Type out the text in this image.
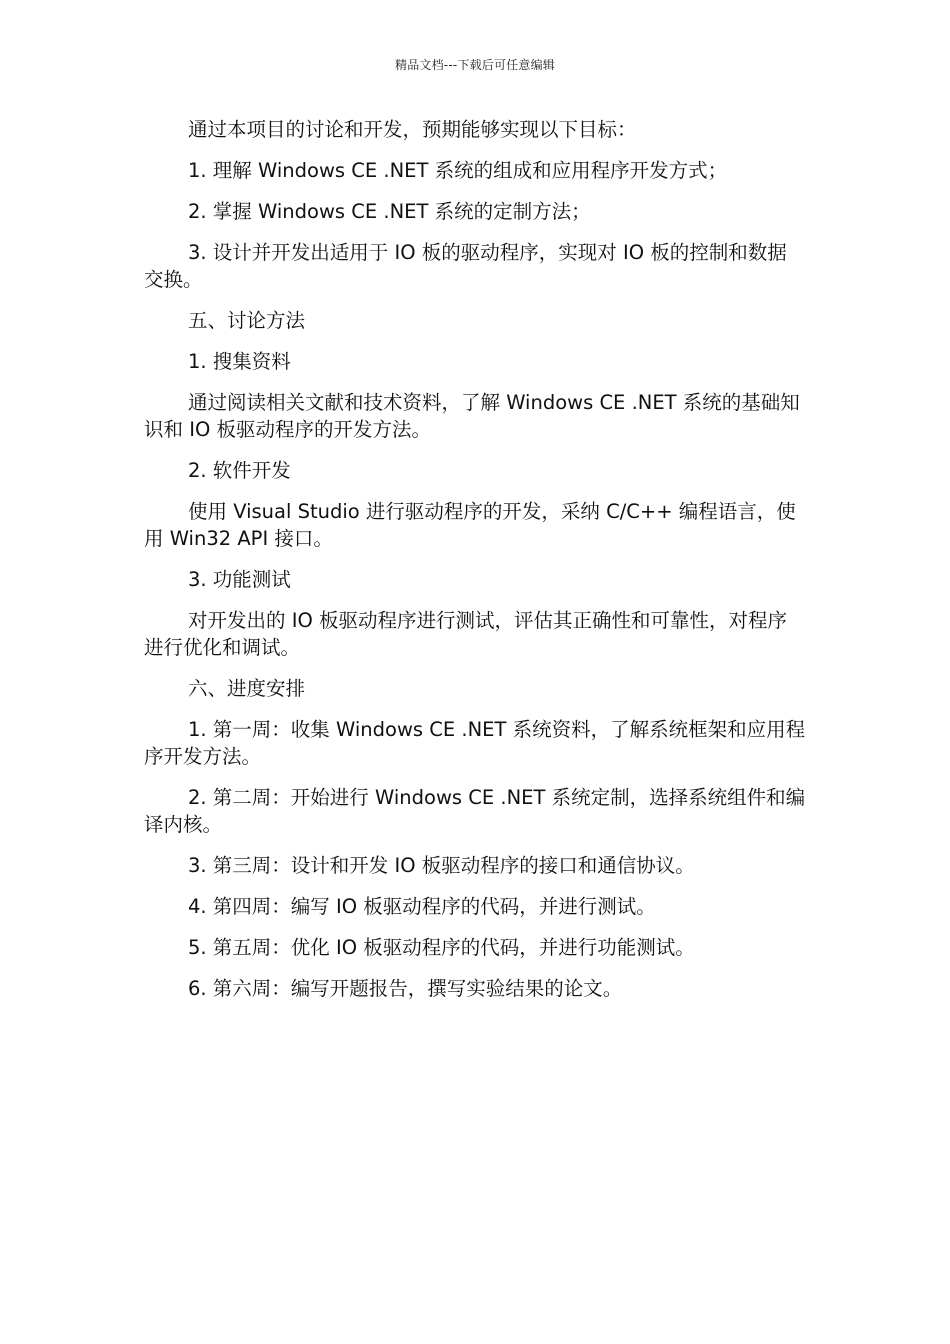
精品文档---下载后可任意编辑

通过本项目的讨论和开发，预期能够实现以下目标：

1. 理解 Windows CE .NET 系统的组成和应用程序开发方式；

2. 掌握 Windows CE .NET 系统的定制方法；

3. 设计并开发出适用于 IO 板的驱动程序，实现对 IO 板的控制和数据交换。

五、讨论方法

1. 搜集资料

通过阅读相关文献和技术资料，了解 Windows CE .NET 系统的基础知识和 IO 板驱动程序的开发方法。

2. 软件开发

使用 Visual Studio 进行驱动程序的开发，采纳 C/C++ 编程语言，使用 Win32 API 接口。

3. 功能测试

对开发出的 IO 板驱动程序进行测试，评估其正确性和可靠性，对程序进行优化和调试。

六、进度安排

1. 第一周：收集 Windows CE .NET 系统资料，了解系统框架和应用程序开发方法。

2. 第二周：开始进行 Windows CE .NET 系统定制，选择系统组件和编译内核。

3. 第三周：设计和开发 IO 板驱动程序的接口和通信协议。

4. 第四周：编写 IO 板驱动程序的代码，并进行测试。

5. 第五周：优化 IO 板驱动程序的代码，并进行功能测试。

6. 第六周：编写开题报告，撰写实验结果的论文。
